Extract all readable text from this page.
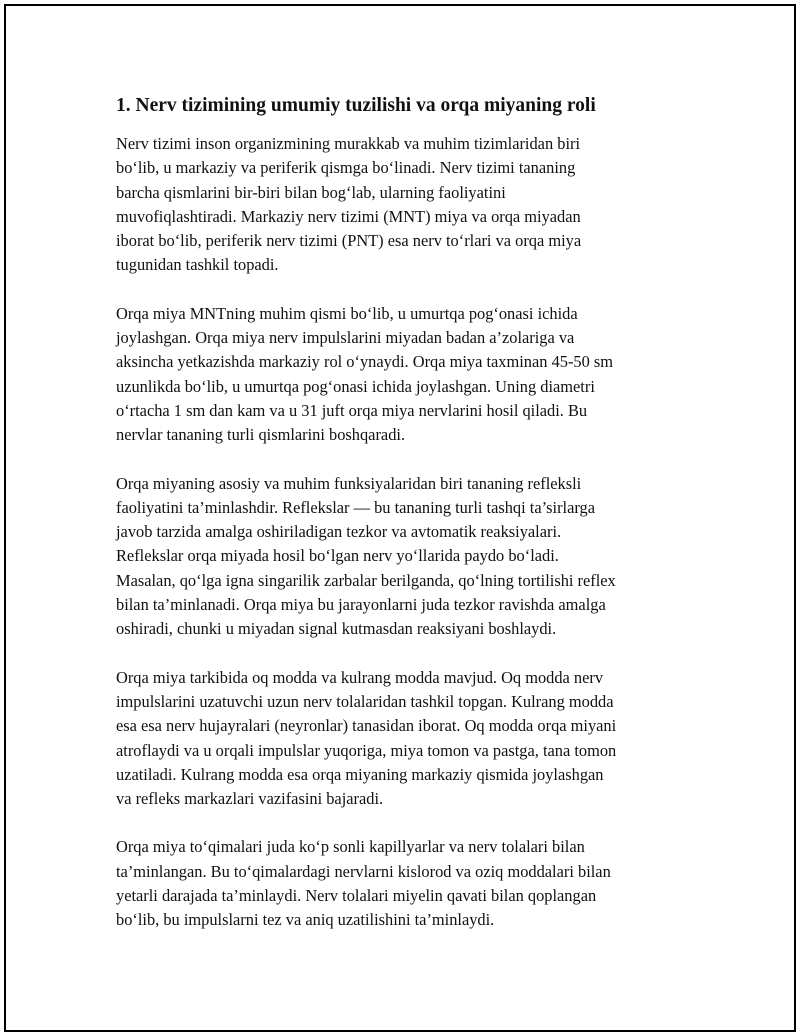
1. Nerv tizimining umumiy tuzilishi va orqa miyaning roli
Nerv tizimi inson organizmining murakkab va muhim tizimlaridan biri
bo‘lib, u markaziy va periferik qismga bo‘linadi. Nerv tizimi tananing
barcha qismlarini bir-biri bilan bog‘lab, ularning faoliyatini
muvofiqlashtiradi. Markaziy nerv tizimi (MNT) miya va orqa miyadan
iborat bo‘lib, periferik nerv tizimi (PNT) esa nerv to‘rlari va orqa miya
tugunidan tashkil topadi.
Orqa miya MNTning muhim qismi bo‘lib, u umurtqa pog‘onasi ichida
joylashgan. Orqa miya nerv impulslarini miyadan badan a’zolariga va
aksincha yetkazishda markaziy rol o‘ynaydi. Orqa miya taxminan 45-50 sm
uzunlikda bo‘lib, u umurtqa pog‘onasi ichida joylashgan. Uning diametri
o‘rtacha 1 sm dan kam va u 31 juft orqa miya nervlarini hosil qiladi. Bu
nervlar tananing turli qismlarini boshqaradi.
Orqa miyaning asosiy va muhim funksiyalaridan biri tananing refleksli
faoliyatini ta’minlashdir. Reflekslar — bu tananing turli tashqi ta’sirlarga
javob tarzida amalga oshiriladigan tezkor va avtomatik reaksiyalari.
Reflekslar orqa miyada hosil bo‘lgan nerv yo‘llarida paydo bo‘ladi.
Masalan, qo‘lga igna singarilik zarbalar berilganda, qo‘lning tortilishi reflex
bilan ta’minlanadi. Orqa miya bu jarayonlarni juda tezkor ravishda amalga
oshiradi, chunki u miyadan signal kutmasdan reaksiyani boshlaydi.
Orqa miya tarkibida oq modda va kulrang modda mavjud. Oq modda nerv
impulslarini uzatuvchi uzun nerv tolalaridan tashkil topgan. Kulrang modda
esa esa nerv hujayralari (neyronlar) tanasidan iborat. Oq modda orqa miyani
atroflaydi va u orqali impulslar yuqoriga, miya tomon va pastga, tana tomon
uzatiladi. Kulrang modda esa orqa miyaning markaziy qismida joylashgan
va refleks markazlari vazifasini bajaradi.
Orqa miya to‘qimalari juda ko‘p sonli kapillyarlar va nerv tolalari bilan
ta’minlangan. Bu to‘qimalardagi nervlarni kislorod va oziq moddalari bilan
yetarli darajada ta’minlaydi. Nerv tolalari miyelin qavati bilan qoplangan
bo‘lib, bu impulslarni tez va aniq uzatilishini ta’minlaydi.
